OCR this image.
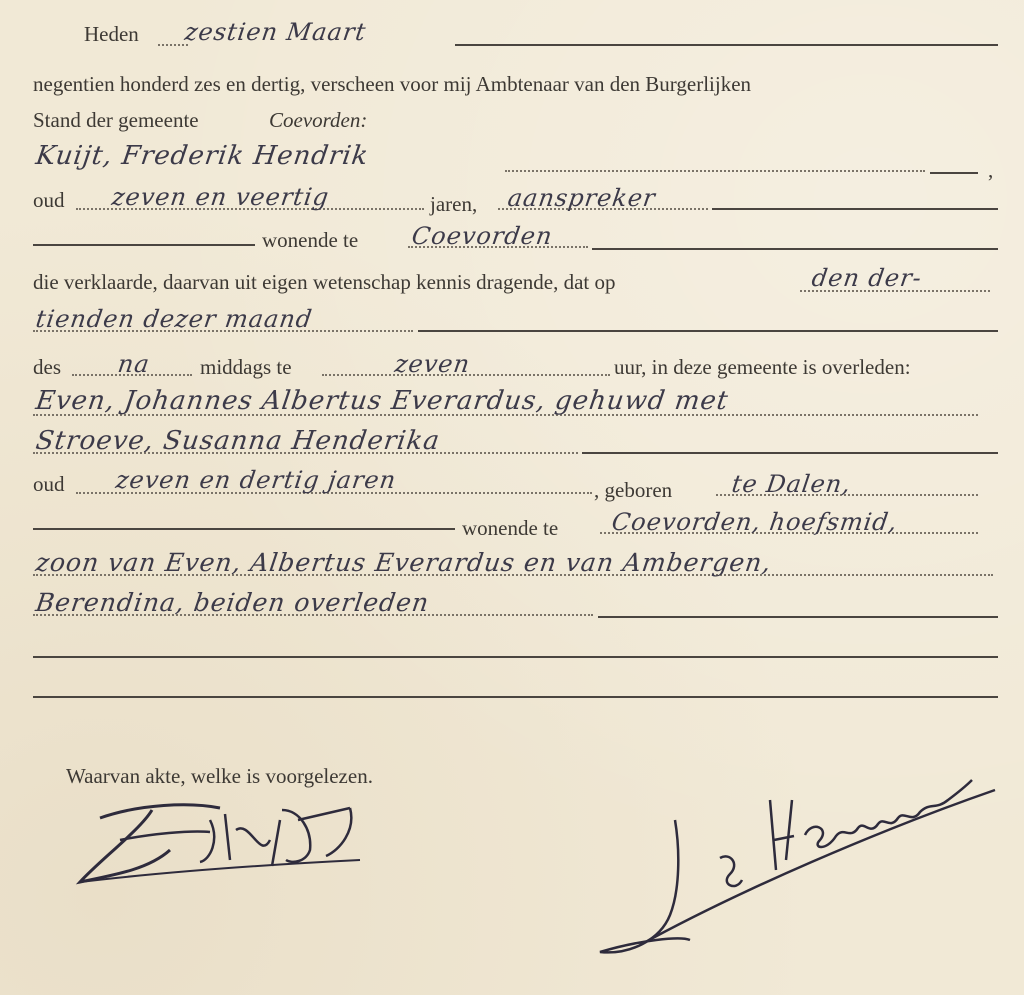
Heden zestien Maart
negentien honderd zes en dertig, verscheen voor mij Ambtenaar van den Burgerlijken
Stand der gemeente	Coevorden:
Kuijt, Frederik Hendrik	,
oud zeven en veertig	jaren, aanspreker
wonende te Coevorden
die verklaarde, daarvan uit eigen wetenschap kennis dragende, dat op	den der-
tienden dezer maand
des na middags te	zeven	uur, in deze gemeente is overleden:
Even, Johannes Albertus Everardus, gehuwd met
Stroeve, Susanna Henderika
oud zeven en dertig jaren	, geboren te Dalen,
wonende te Coevorden, hoefsmid,
zoon van Even, Albertus Everardus en van Ambergen,
Berendina, beiden overleden
Waarvan akte, welke is voorgelezen.
